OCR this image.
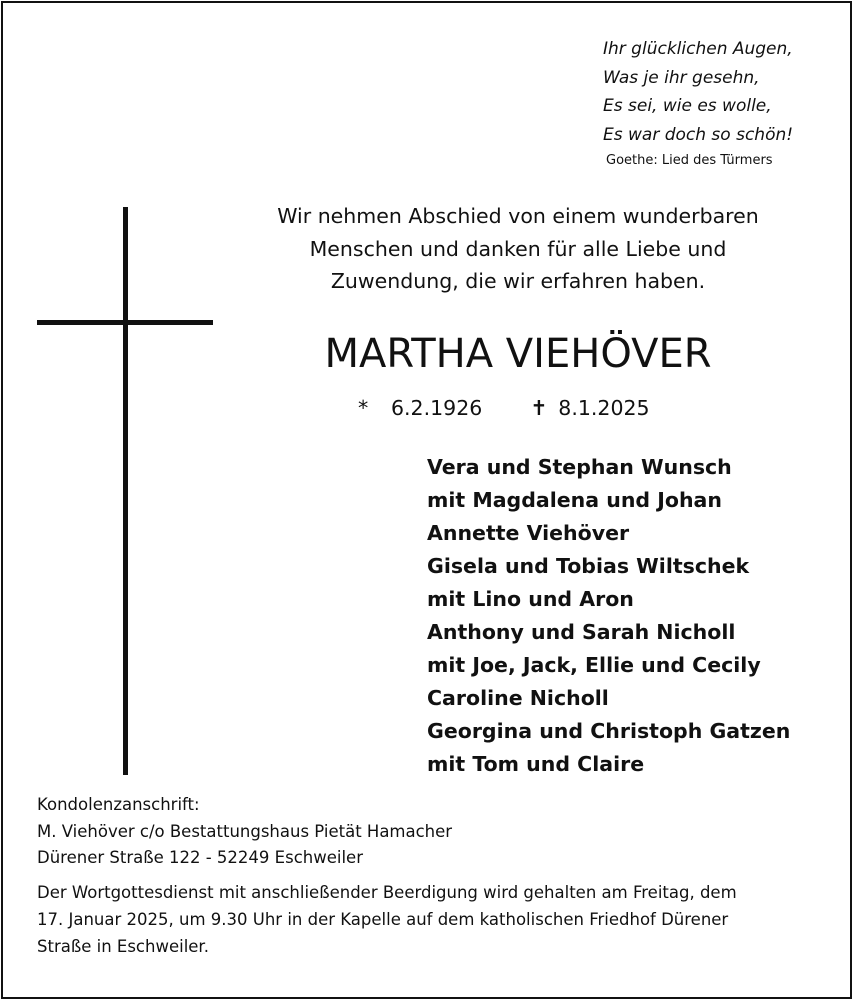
Ihr glücklichen Augen,
Was je ihr gesehn,
Es sei, wie es wolle,
Es war doch so schön!
Goethe: Lied des Türmers
Wir nehmen Abschied von einem wunderbaren
Menschen und danken für alle Liebe und
Zuwendung, die wir erfahren haben.
MARTHA VIEHÖVER
* 6.2.1926 ✝ 8.1.2025
Vera und Stephan Wunsch
mit Magdalena und Johan
Annette Viehöver
Gisela und Tobias Wiltschek
mit Lino und Aron
Anthony und Sarah Nicholl
mit Joe, Jack, Ellie und Cecily
Caroline Nicholl
Georgina und Christoph Gatzen
mit Tom und Claire
Kondolenzanschrift:
M. Viehöver c/o Bestattungshaus Pietät Hamacher
Dürener Straße 122 - 52249 Eschweiler
Der Wortgottesdienst mit anschließender Beerdigung wird gehalten am Freitag, dem
17. Januar 2025, um 9.30 Uhr in der Kapelle auf dem katholischen Friedhof Dürener
Straße in Eschweiler.
